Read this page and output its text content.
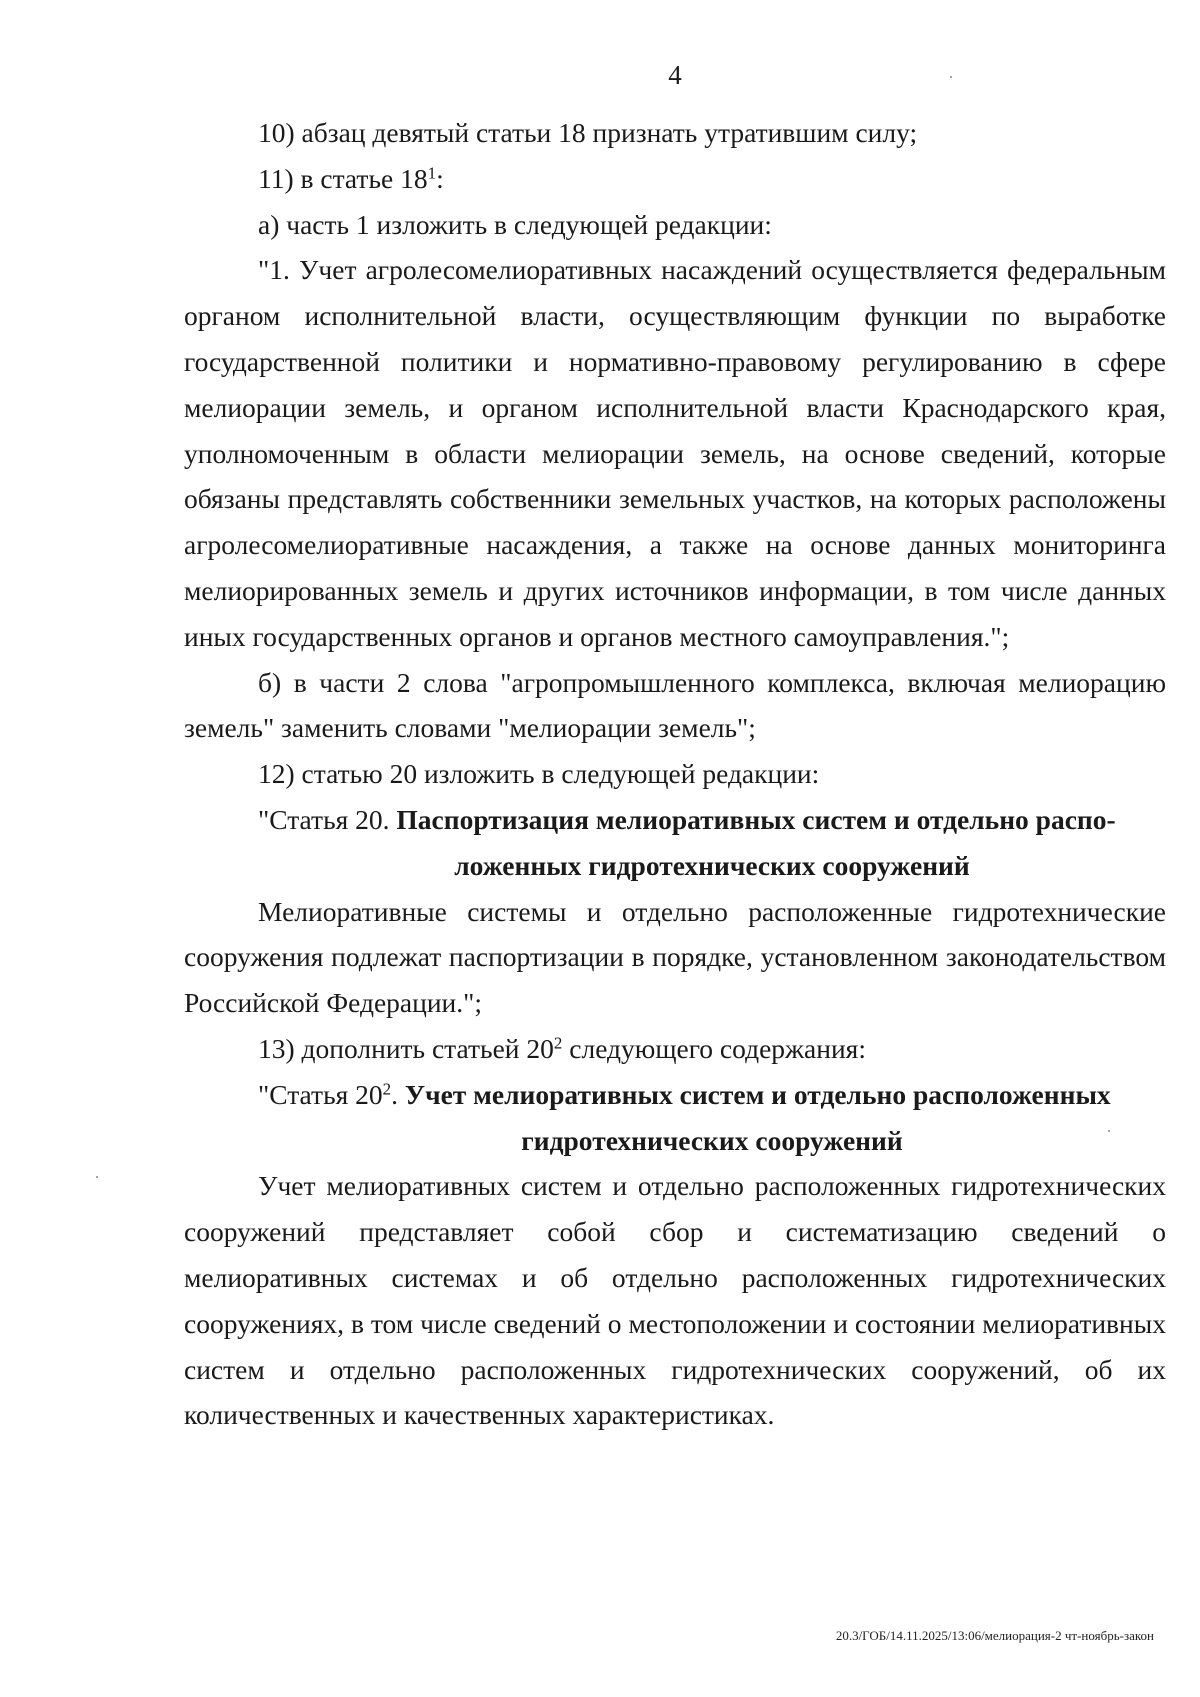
4

10) абзац девятый статьи 18 признать утратившим силу;

11) в статье $18^1$:

а) часть 1 изложить в следующей редакции:

"1. Учет агролесомелиоративных насаждений осуществляется федеральным органом исполнительной власти, осуществляющим функции по выработке государственной политики и нормативно-правовому регулированию в сфере мелиорации земель, и органом исполнительной власти Краснодарского края, уполномоченным в области мелиорации земель, на основе сведений, которые обязаны представлять собственники земельных участков, на которых расположены агролесомелиоративные насаждения, а также на основе данных мониторинга мелиорированных земель и других источников информации, в том числе данных иных государственных органов и органов местного самоуправления.";

б) в части 2 слова "агропромышленного комплекса, включая мелиорацию земель" заменить словами "мелиорации земель";

12) статью 20 изложить в следующей редакции:

"Статья 20. Паспортизация мелиоративных систем и отдельно распо-

ложенных гидротехнических сооружений

Мелиоративные системы и отдельно расположенные гидротехнические сооружения подлежат паспортизации в порядке, установленном законодательством Российской Федерации.";

13) дополнить статьей $20^2$ следующего содержания:

"Статья $20^2$. Учет мелиоративных систем и отдельно расположенных

гидротехнических сооружений

Учет мелиоративных систем и отдельно расположенных гидротехнических сооружений представляет собой сбор и систематизацию сведений о мелиоративных системах и об отдельно расположенных гидротехнических сооружениях, в том числе сведений о местоположении и состоянии мелиоративных систем и отдельно расположенных гидротехнических сооружений, об их количественных и качественных характеристиках.

20.3/ГОБ/14.11.2025/13:06/мелиорация-2 чт-ноябрь-закон
